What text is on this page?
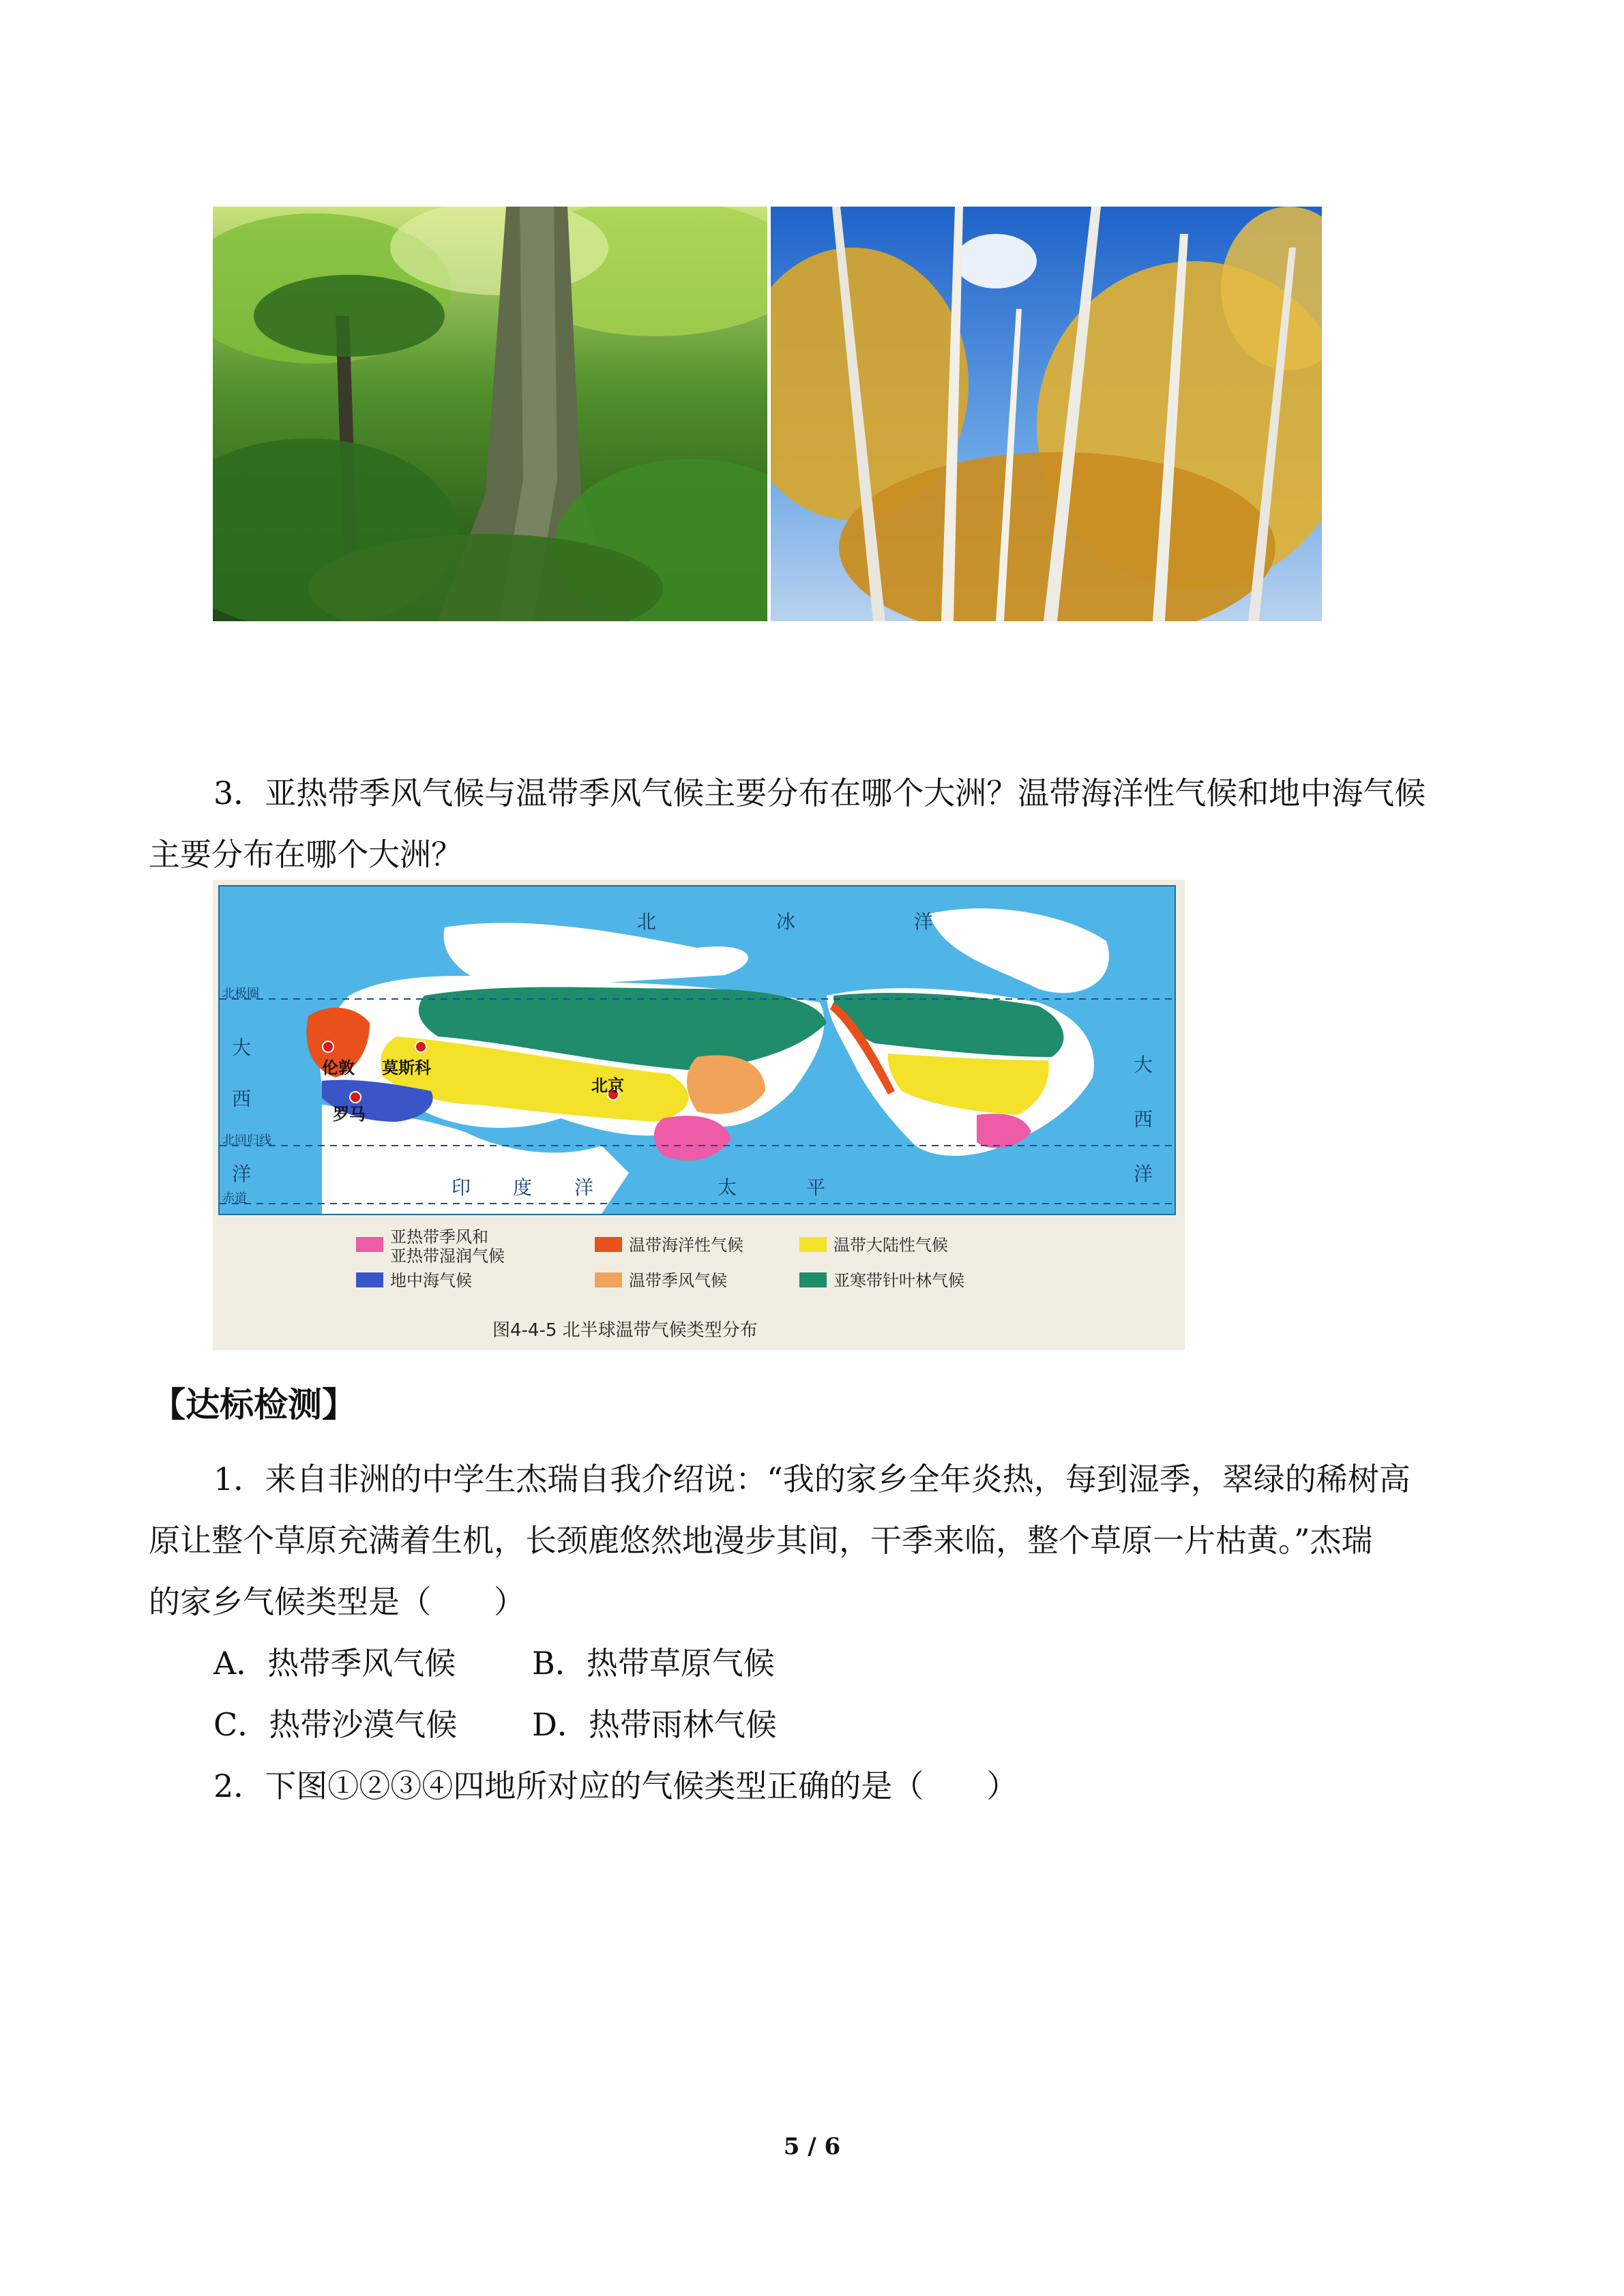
3．亚热带季风气候与温带季风气候主要分布在哪个大洲？温带海洋性气候和地中海气候
主要分布在哪个大洲？
北	冰	洋
大
西
洋
印 度 洋	太	平
洋
大
西
北极圈
北回归线
赤道
伦敦 莫斯科
罗马
北京
亚热带季风和
亚热带湿润气候
温带海洋性气候	温带大陆性气候
地中海气候	温带季风气候	亚寒带针叶林气候
图4-4-5 北半球温带气候类型分布
【达标检测】
1．来自非洲的中学生杰瑞自我介绍说：“我的家乡全年炎热，每到湿季，翠绿的稀树高
原让整个草原充满着生机，长颈鹿悠然地漫步其间，干季来临，整个草原一片枯黄。”杰瑞
的家乡气候类型是（　　）
A．热带季风气候 B．热带草原气候
C．热带沙漠气候 D．热带雨林气候
2．下图①②③④四地所对应的气候类型正确的是（　　）
5 / 6
